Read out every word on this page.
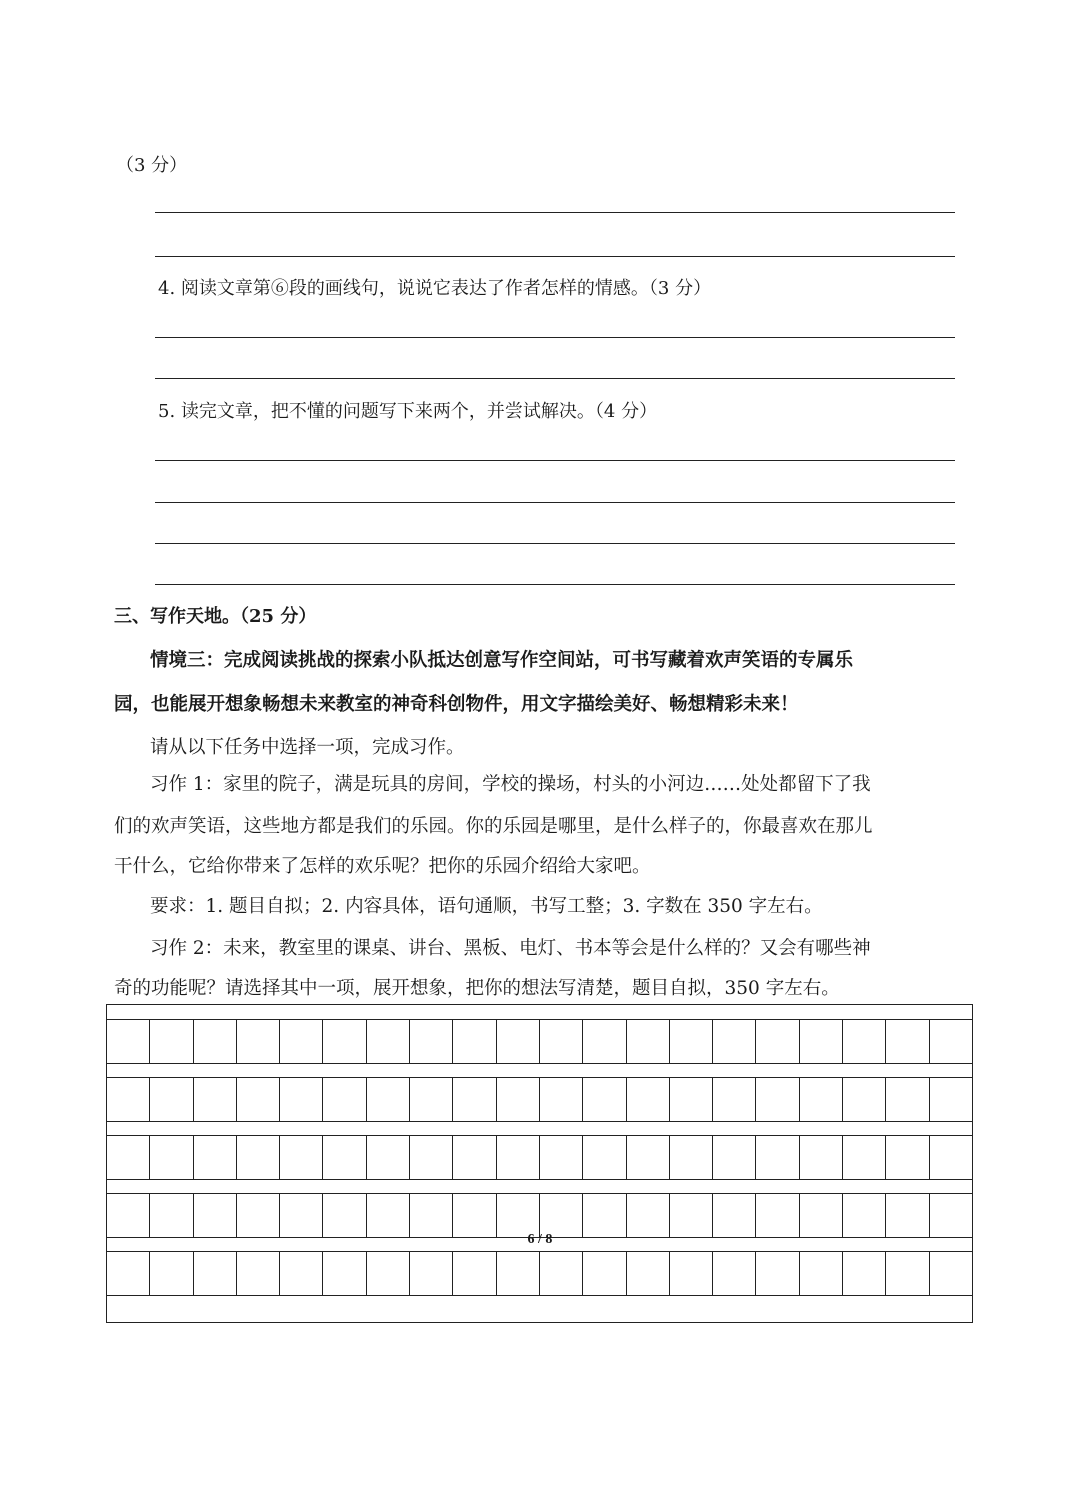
（3 分）
4. 阅读文章第⑥段的画线句，说说它表达了作者怎样的情感。（3 分）
5. 读完文章，把不懂的问题写下来两个，并尝试解决。（4 分）
三、写作天地。（25 分）
情境三：完成阅读挑战的探索小队抵达创意写作空间站，可书写藏着欢声笑语的专属乐
园，也能展开想象畅想未来教室的神奇科创物件，用文字描绘美好、畅想精彩未来！
请从以下任务中选择一项，完成习作。
习作 1：家里的院子，满是玩具的房间，学校的操场，村头的小河边……处处都留下了我
们的欢声笑语，这些地方都是我们的乐园。你的乐园是哪里，是什么样子的，你最喜欢在那儿
干什么，它给你带来了怎样的欢乐呢？把你的乐园介绍给大家吧。
要求：1. 题目自拟；2. 内容具体，语句通顺，书写工整；3. 字数在 350 字左右。
习作 2：未来，教室里的课桌、讲台、黑板、电灯、书本等会是什么样的？又会有哪些神
奇的功能呢？请选择其中一项，展开想象，把你的想法写清楚，题目自拟，350 字左右。
6 / 8
